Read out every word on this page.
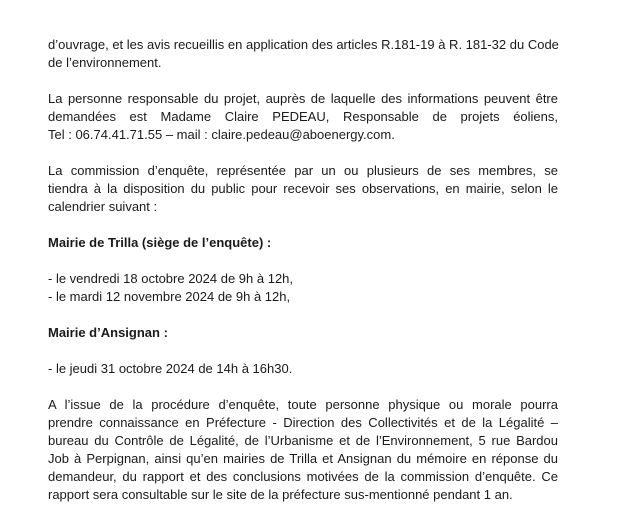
d’ouvrage, et les avis recueillis en application des articles R.181-19 à R. 181-32 du Code
de l’environnement.

La personne responsable du projet, auprès de laquelle des informations peuvent être
demandées est Madame Claire PEDEAU, Responsable de projets éoliens,
Tel : 06.74.41.71.55 – mail : claire.pedeau@aboenergy.com.

La commission d’enquête, représentée par un ou plusieurs de ses membres, se
tiendra à la disposition du public pour recevoir ses observations, en mairie, selon le
calendrier suivant :

Mairie de Trilla (siège de l’enquête) :

- le vendredi 18 octobre 2024 de 9h à 12h,

- le mardi 12 novembre 2024 de 9h à 12h,

Mairie d’Ansignan :

- le jeudi 31 octobre 2024 de 14h à 16h30.

A l’issue de la procédure d’enquête, toute personne physique ou morale pourra
prendre connaissance en Préfecture - Direction des Collectivités et de la Légalité –
bureau du Contrôle de Légalité, de l’Urbanisme et de l’Environnement, 5 rue Bardou
Job à Perpignan, ainsi qu’en mairies de Trilla et Ansignan du mémoire en réponse du
demandeur, du rapport et des conclusions motivées de la commission d’enquête. Ce
rapport sera consultable sur le site de la préfecture sus-mentionné pendant 1 an.
